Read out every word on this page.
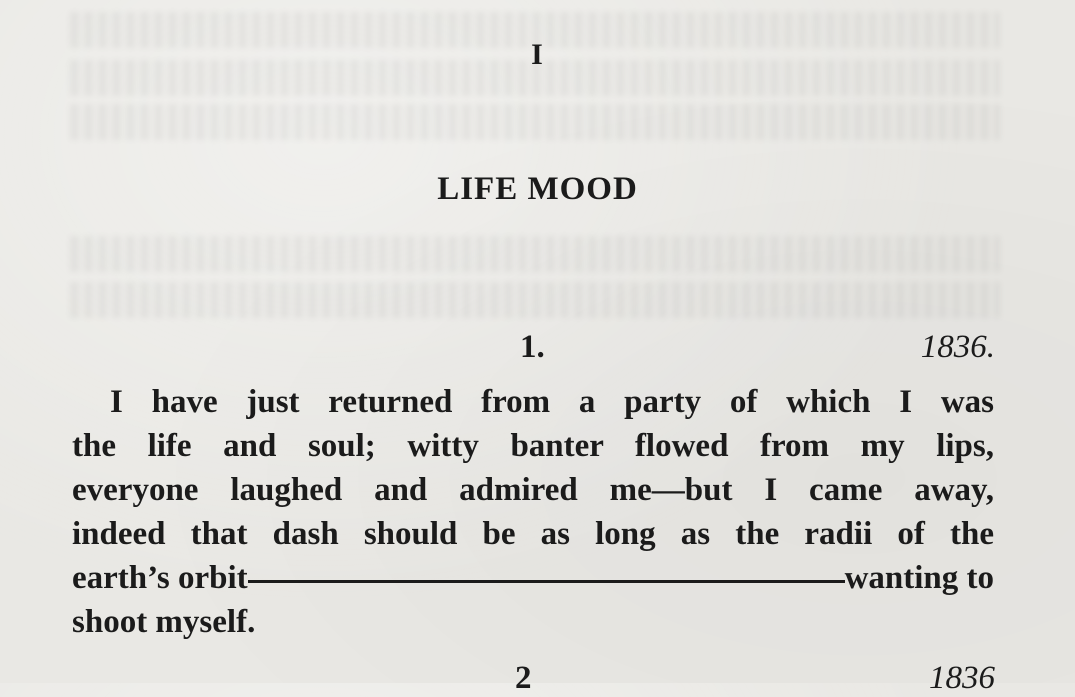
I
LIFE MOOD
1.	1836.
I have just returned from a party of which I was
the life and soul; witty banter flowed from my lips,
everyone laughed and admired me—but I came away,
indeed that dash should be as long as the radii of the
earth’s orbit	wanting to
shoot myself.
2	1836
